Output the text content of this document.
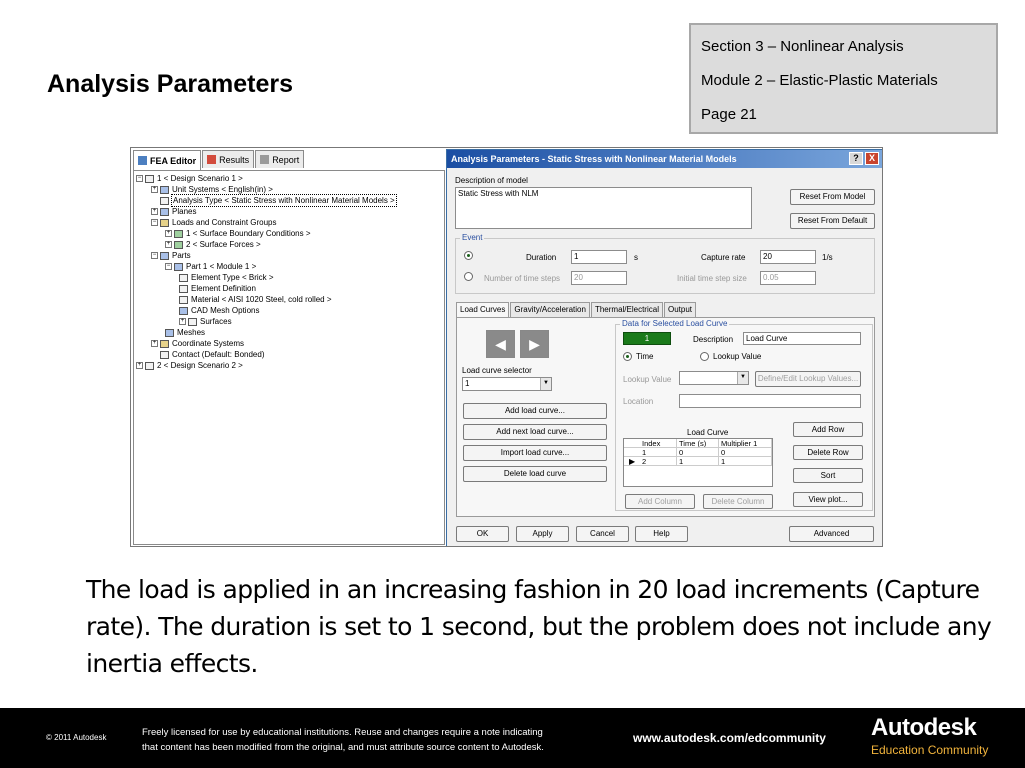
Analysis Parameters
Section 3 – Nonlinear Analysis
Module 2 – Elastic-Plastic Materials
Page 21
FEA Editor	Results	Report
− 1 < Design Scenario 1 >
+ Unit Systems < English(in) >
Analysis Type < Static Stress with Nonlinear Material Models >
+ Planes
− Loads and Constraint Groups
+ 1 < Surface Boundary Conditions >
+ 2 < Surface Forces >
− Parts
− Part 1 < Module 1 >
Element Type < Brick >
Element Definition
Material < AISI 1020 Steel, cold rolled >
CAD Mesh Options
+ Surfaces
Meshes
+ Coordinate Systems
Contact (Default: Bonded)
+ 2 < Design Scenario 2 >
Analysis Parameters - Static Stress with Nonlinear Material Models	?	X
Description of model
Static Stress with NLM	Reset From Model
Reset From Default
Event
Duration	1	s	Capture rate	20	1/s
Number of time steps	20	Initial time step size	0.05
Load Curves	Gravity/Acceleration	Thermal/Electrical	Output
◀ ▶
Load curve selector
1	▼
Add load curve...
Add next load curve...
Import load curve...
Delete load curve
Data for Selected Load Curve
1	Description	Load Curve
Time	Lookup Value
Lookup Value	▼	Define/Edit Lookup Values...
Location
Load Curve
Index	Time (s)	Multiplier 1
1	0	0
▶ 2	1	1
Add Row
Delete Row
Sort
View plot...
Add Column	Delete Column
OK	Apply	Cancel	Help	Advanced
The load is applied in an increasing fashion in 20 load increments (Capture rate). The duration is set to 1 second, but the problem does not include any inertia effects.
© 2011 Autodesk	Freely licensed for use by educational institutions. Reuse and changes require a note indicating
that content has been modified from the original, and must attribute source content to Autodesk.
www.autodesk.com/edcommunity Autodesk
Education Community
